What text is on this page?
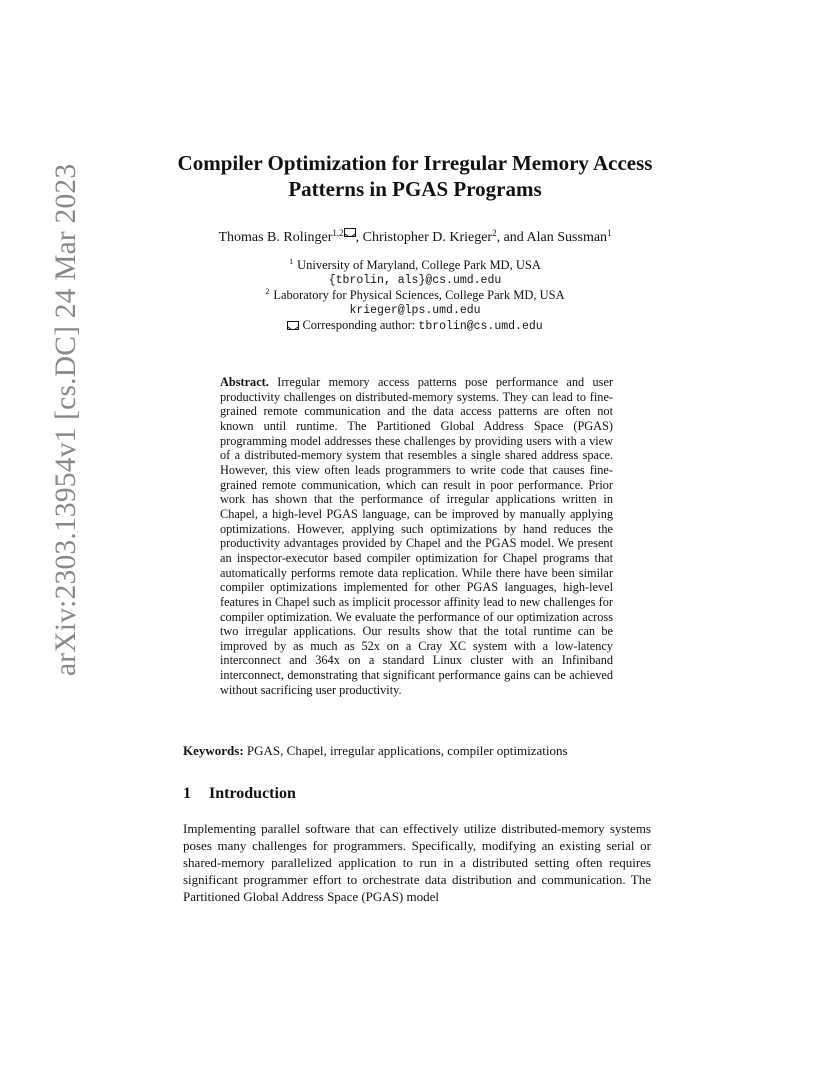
arXiv:2303.13954v1 [cs.DC] 24 Mar 2023
Compiler Optimization for Irregular Memory Access Patterns in PGAS Programs
Thomas B. Rolinger$^{1,2}$ , Christopher D. Krieger$^2$, and Alan Sussman$^1$
$^1$ University of Maryland, College Park MD, USA
{tbrolin, als}@cs.umd.edu
$^2$ Laboratory for Physical Sciences, College Park MD, USA
krieger@lps.umd.edu
Corresponding author: tbrolin@cs.umd.edu
Abstract. Irregular memory access patterns pose performance and user productivity challenges on distributed-memory systems. They can lead to fine-grained remote communication and the data access patterns are often not known until runtime. The Partitioned Global Address Space (PGAS) programming model addresses these challenges by providing users with a view of a distributed-memory system that resembles a single shared address space. However, this view often leads programmers to write code that causes fine-grained remote communication, which can result in poor performance. Prior work has shown that the performance of irregular applications written in Chapel, a high-level PGAS language, can be improved by manually applying optimizations. However, applying such optimizations by hand reduces the productivity advantages provided by Chapel and the PGAS model. We present an inspector-executor based compiler optimization for Chapel programs that automatically performs remote data replication. While there have been similar compiler optimizations implemented for other PGAS languages, high-level features in Chapel such as implicit processor affinity lead to new challenges for compiler optimization. We evaluate the performance of our optimization across two irregular applications. Our results show that the total runtime can be improved by as much as 52x on a Cray XC system with a low-latency interconnect and 364x on a standard Linux cluster with an Infiniband interconnect, demonstrating that significant performance gains can be achieved without sacrificing user productivity.
Keywords: PGAS, Chapel, irregular applications, compiler optimizations
1 Introduction
Implementing parallel software that can effectively utilize distributed-memory systems poses many challenges for programmers. Specifically, modifying an existing serial or shared-memory parallelized application to run in a distributed setting often requires significant programmer effort to orchestrate data distribution and communication. The Partitioned Global Address Space (PGAS) model
